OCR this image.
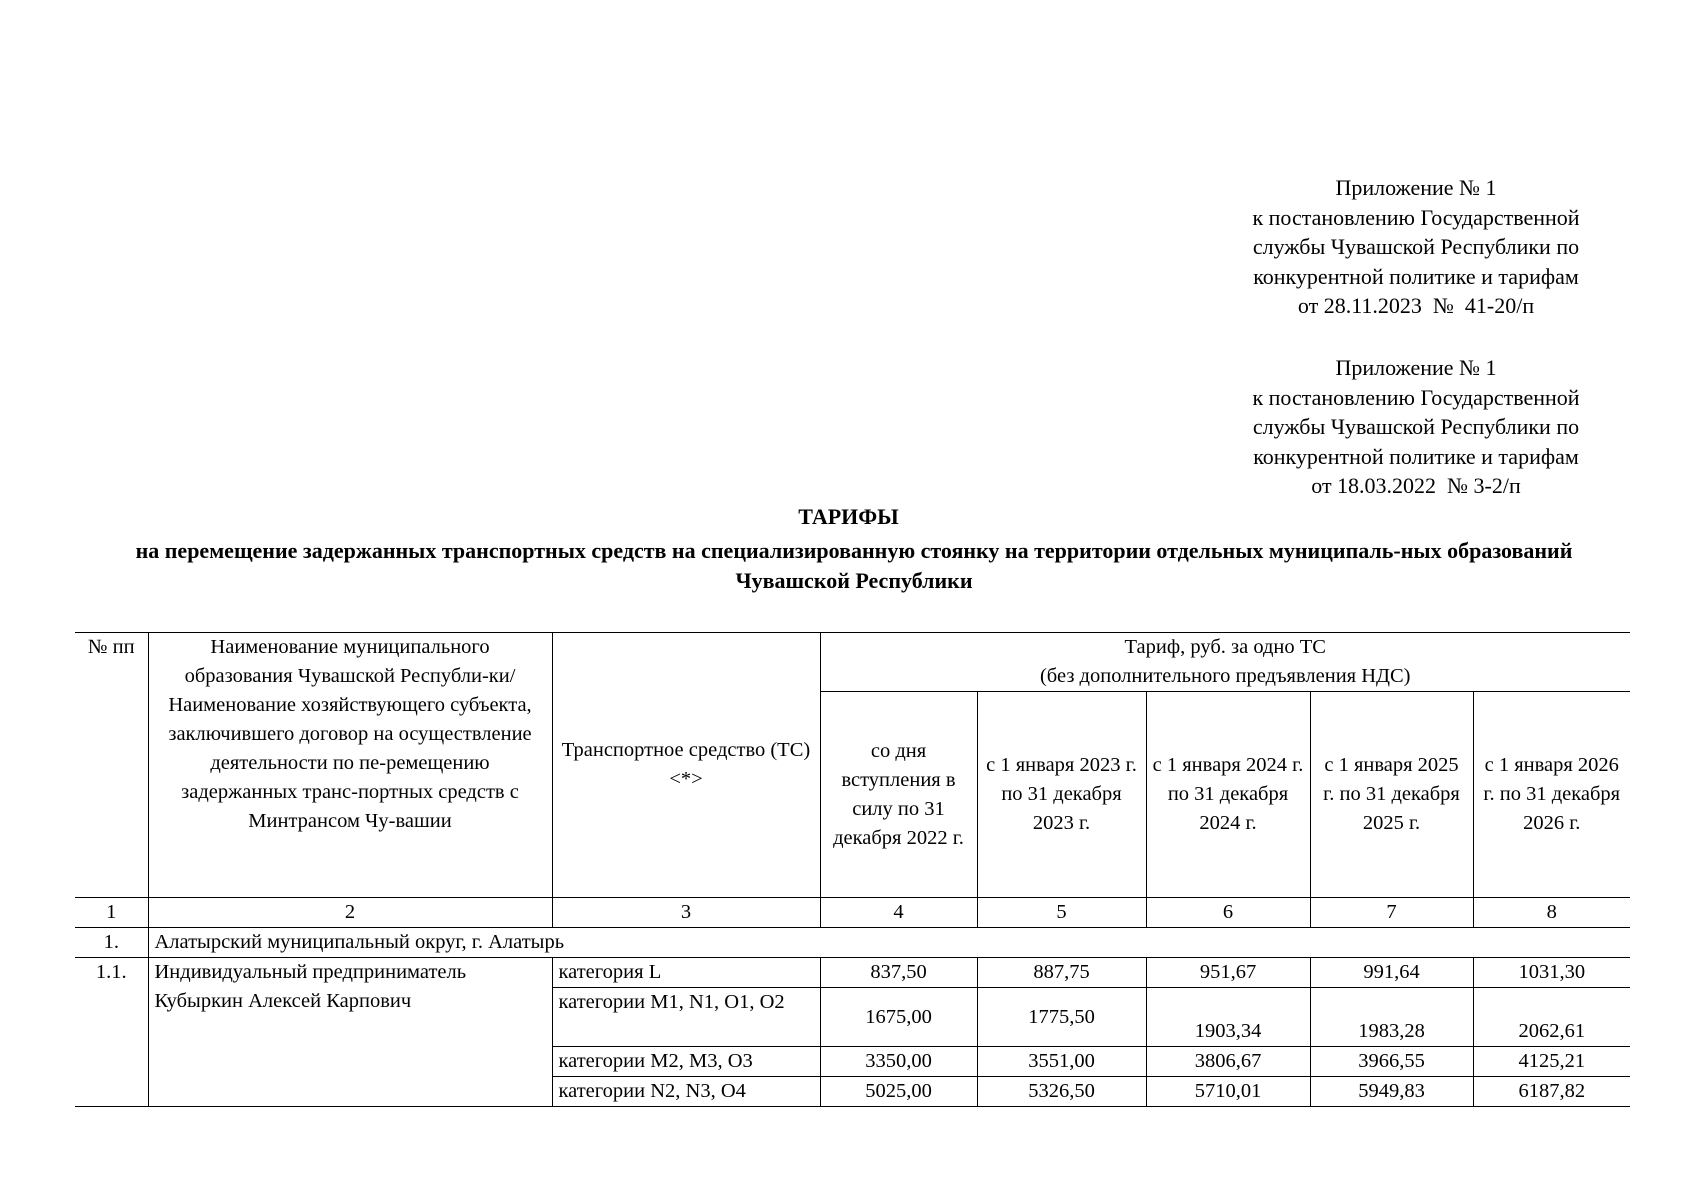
Приложение № 1
к постановлению Государственной
службы Чувашской Республики по
конкурентной политике и тарифам
от 28.11.2023  №  41-20/п
Приложение № 1
к постановлению Государственной
службы Чувашской Республики по
конкурентной политике и тарифам
от 18.03.2022  № 3-2/п
ТАРИФЫ
на перемещение задержанных транспортных средств на специализированную стоянку на территории отдельных муниципаль-ных образований Чувашской Республики
№ пп	Наименование муниципального образования Чувашской Республи-ки/ Наименование хозяйствующего субъекта, заключившего договор на осуществление деятельности по пе-ремещению задержанных транс-портных средств с Минтрансом Чу-вашии	Транспортное средство (ТС) <*>	Тариф, руб. за одно ТС
(без дополнительного предъявления НДС)				

			со дня вступления в силу по 31 декабря 2022 г.	с 1 января 2023 г. по 31 декабря 2023 г.	с 1 января 2024 г. по 31 декабря 2024 г.	с 1 января 2025 г. по 31 декабря 2025 г.	с 1 января 2026 г. по 31 декабря 2026 г.
1	2	3	4	5	6	7	8
1.	Алатырский муниципальный округ, г. Алатырь						
1.1.	Индивидуальный предприниматель Кубыркин Алексей Карпович	категория L	837,50	887,75	951,67	991,64	1031,30
		категории M1, N1, O1, O2	1675,00	1775,50	1903,34	1983,28	2062,61
		категории M2, M3, O3	3350,00	3551,00	3806,67	3966,55	4125,21
		категории N2, N3, O4	5025,00	5326,50	5710,01	5949,83	6187,82
